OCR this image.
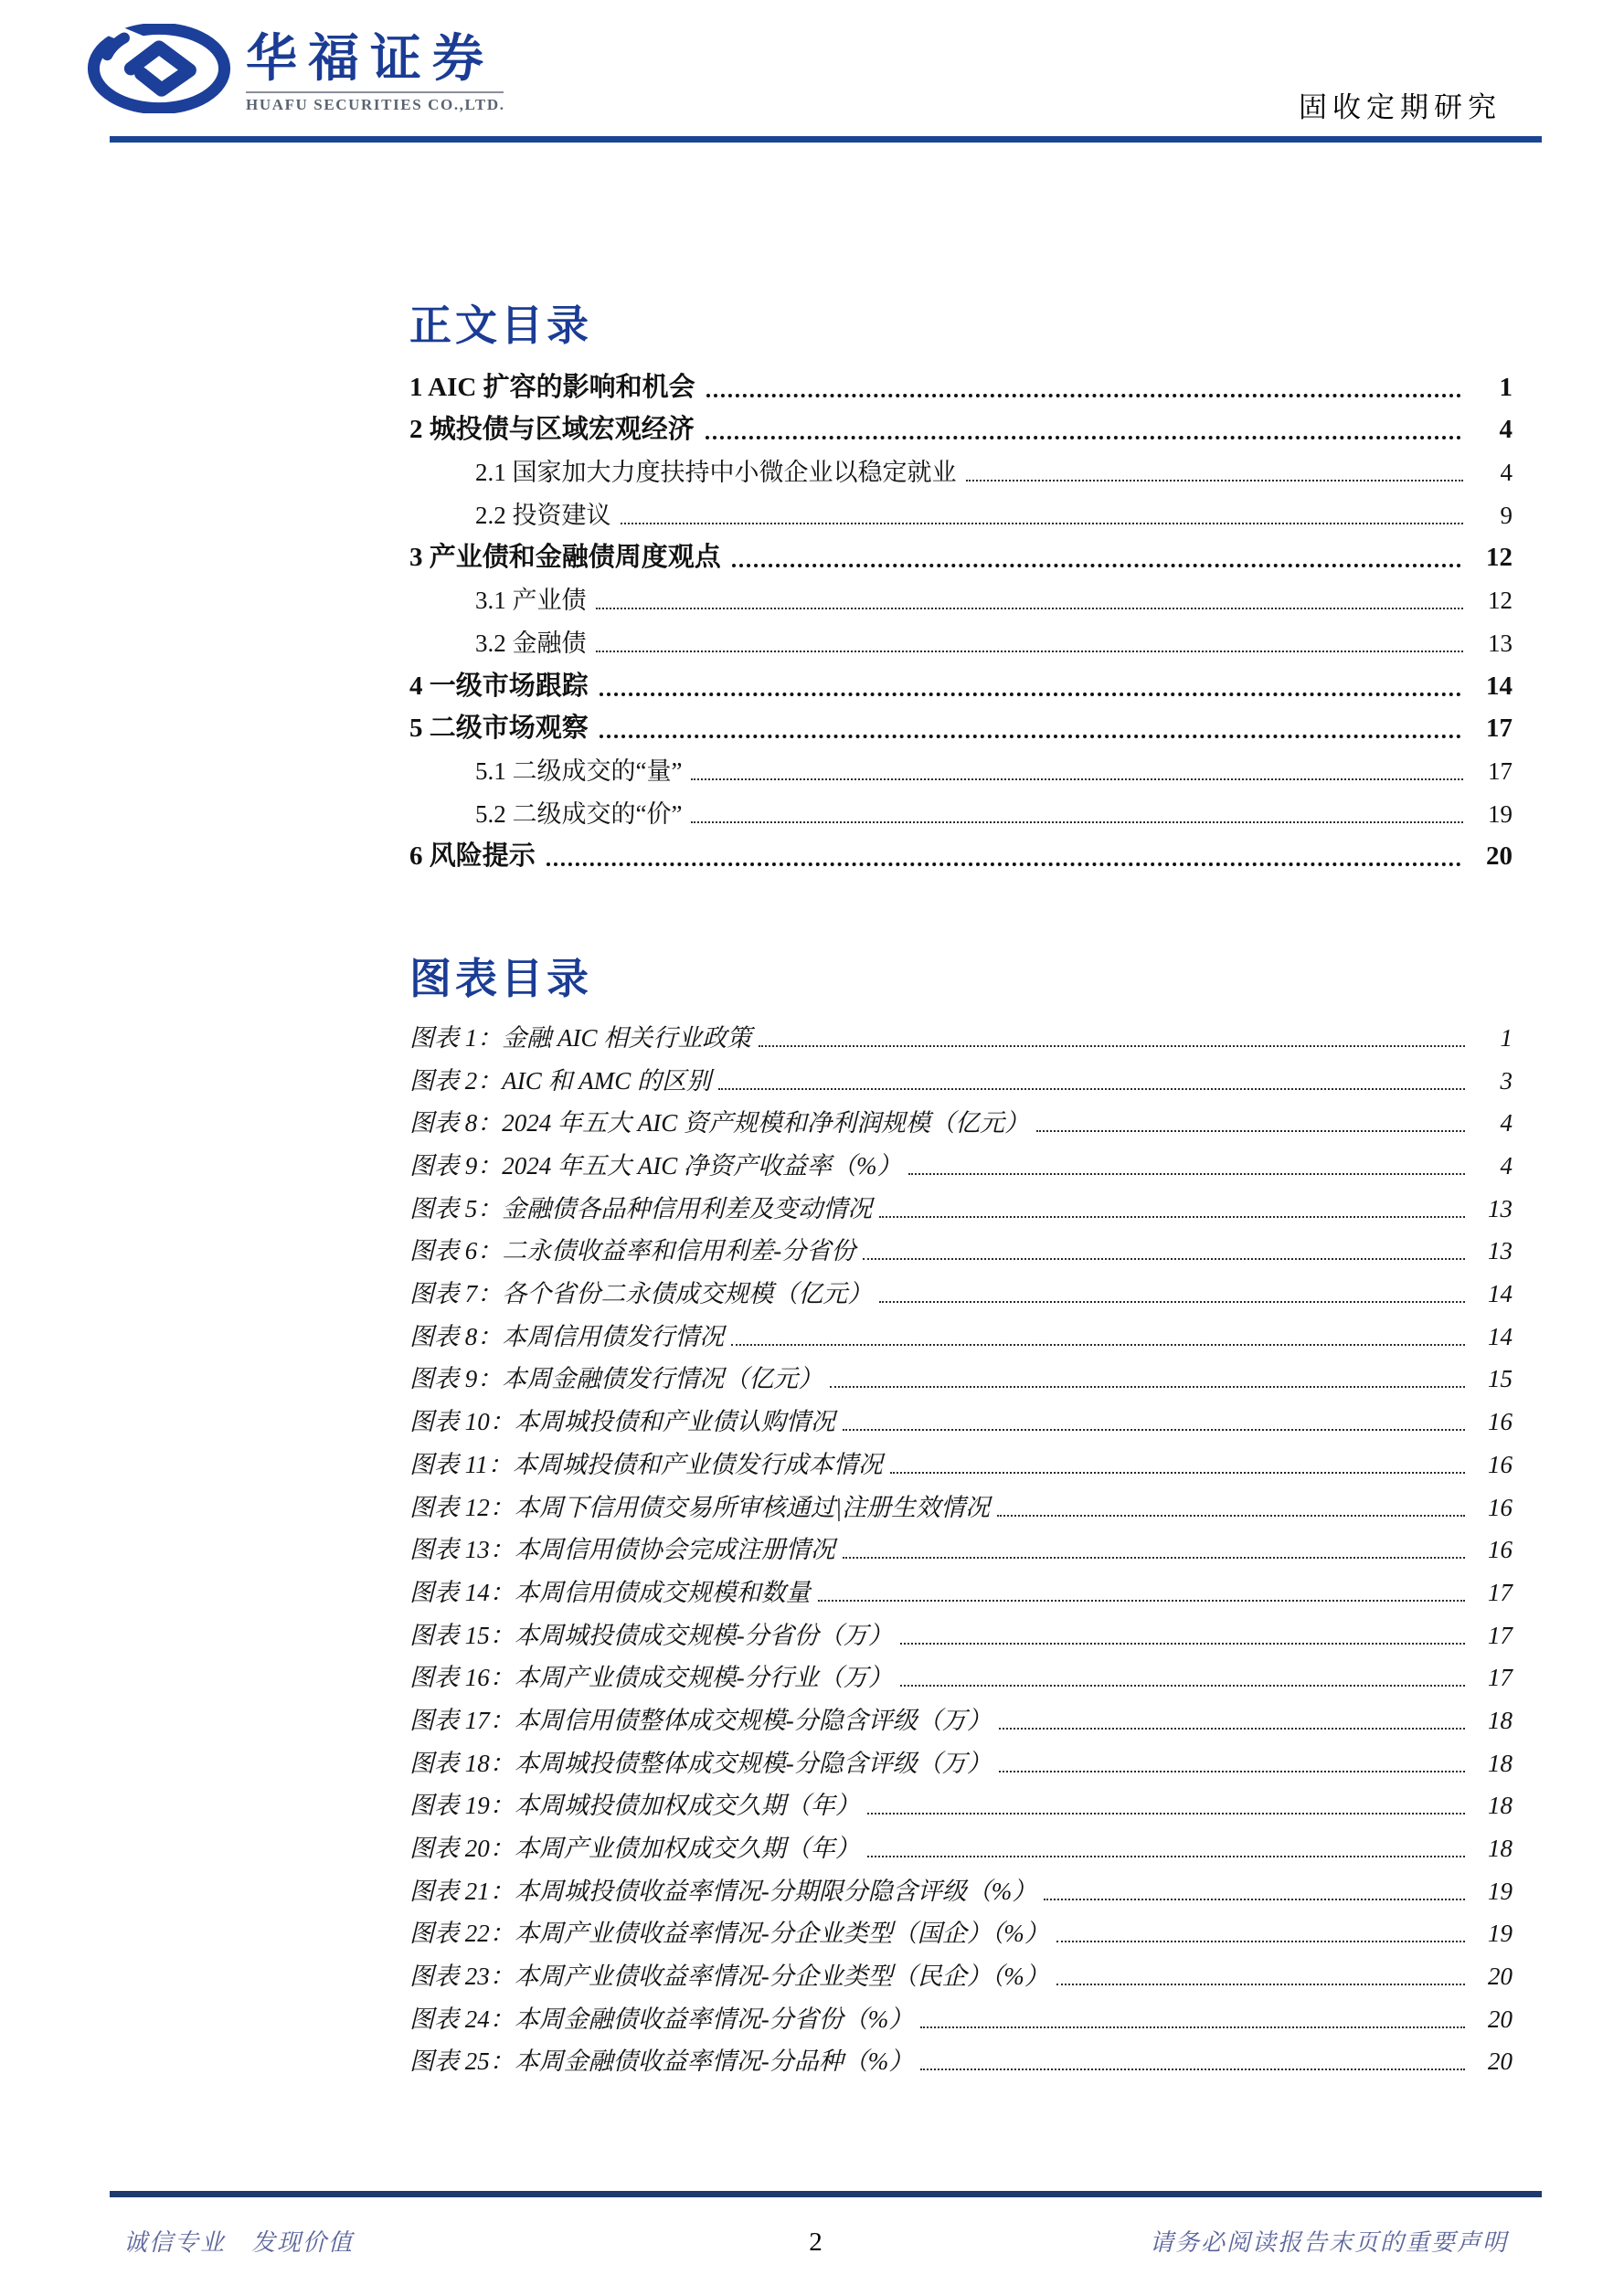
华福证券
HUAFU SECURITIES CO.,LTD.	固收定期研究
正文目录
1 AIC 扩容的影响和机会	1
2 城投债与区域宏观经济	4
2.1 国家加大力度扶持中小微企业以稳定就业	4
2.2 投资建议	9
3 产业债和金融债周度观点	12
3.1 产业债	12
3.2 金融债	13
4 一级市场跟踪	14
5 二级市场观察	17
5.1 二级成交的“量”	17
5.2 二级成交的“价”	19
6 风险提示	20
图表目录
图表 1：金融 AIC 相关行业政策	1
图表 2：AIC 和 AMC 的区别	3
图表 8：2024 年五大 AIC 资产规模和净利润规模（亿元）	4
图表 9：2024 年五大 AIC 净资产收益率（%）	4
图表 5：金融债各品种信用利差及变动情况	13
图表 6：二永债收益率和信用利差-分省份	13
图表 7：各个省份二永债成交规模（亿元）	14
图表 8：本周信用债发行情况	14
图表 9：本周金融债发行情况（亿元）	15
图表 10：本周城投债和产业债认购情况	16
图表 11：本周城投债和产业债发行成本情况	16
图表 12：本周下信用债交易所审核通过|注册生效情况	16
图表 13：本周信用债协会完成注册情况	16
图表 14：本周信用债成交规模和数量	17
图表 15：本周城投债成交规模-分省份（万）	17
图表 16：本周产业债成交规模-分行业（万）	17
图表 17：本周信用债整体成交规模-分隐含评级（万）	18
图表 18：本周城投债整体成交规模-分隐含评级（万）	18
图表 19：本周城投债加权成交久期（年）	18
图表 20：本周产业债加权成交久期（年）	18
图表 21：本周城投债收益率情况-分期限分隐含评级（%）	19
图表 22：本周产业债收益率情况-分企业类型（国企）（%）	19
图表 23：本周产业债收益率情况-分企业类型（民企）（%）	20
图表 24：本周金融债收益率情况-分省份（%）	20
图表 25：本周金融债收益率情况-分品种（%）	20
诚信专业　发现价值	2	请务必阅读报告末页的重要声明
